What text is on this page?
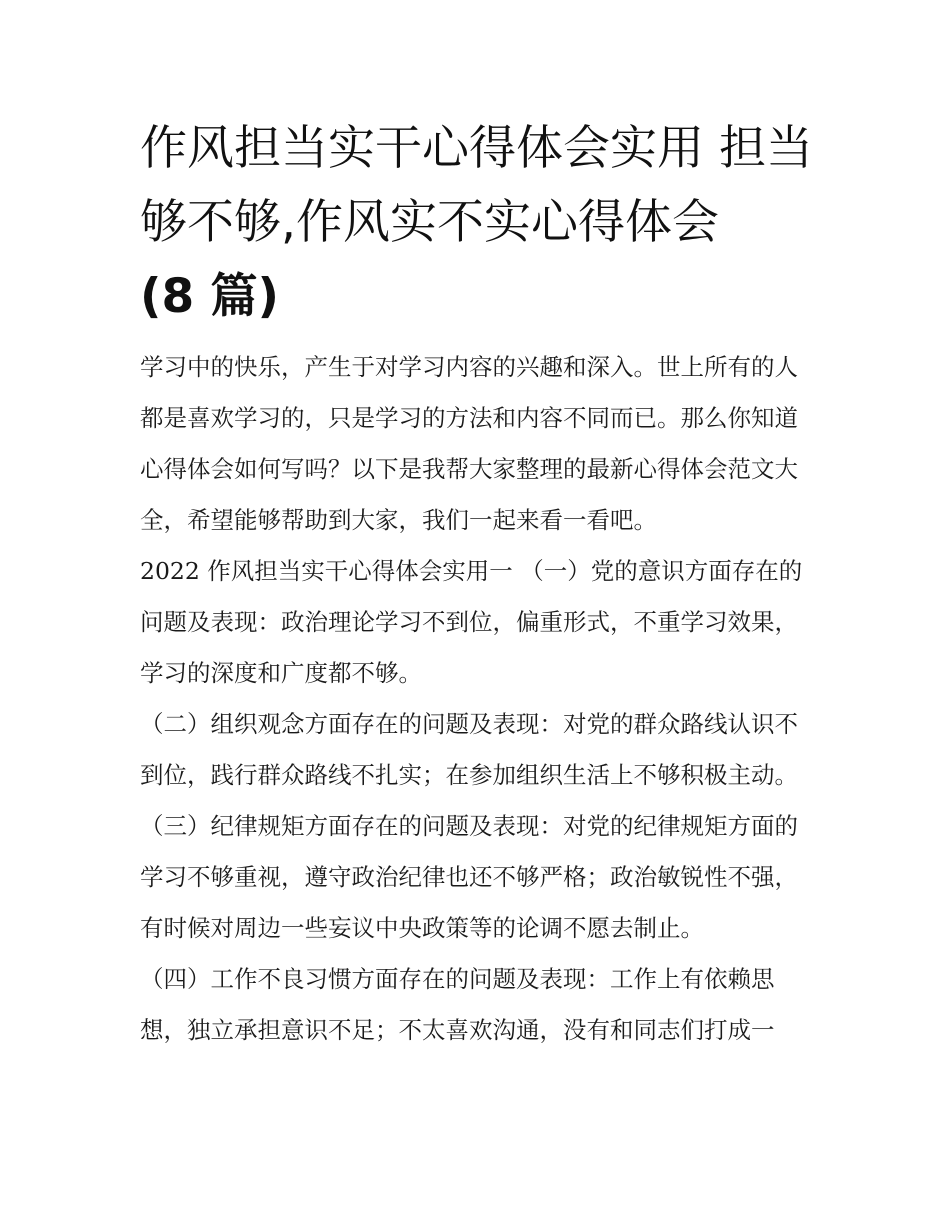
作风担当实干心得体会实用 担当够不够,作风实不实心得体会
(8 篇)

学习中的快乐，产生于对学习内容的兴趣和深入。世上所有的人都是喜欢学习的，只是学习的方法和内容不同而已。那么你知道心得体会如何写吗？以下是我帮大家整理的最新心得体会范文大全，希望能够帮助到大家，我们一起来看一看吧。

2022 作风担当实干心得体会实用一 （一）党的意识方面存在的问题及表现：政治理论学习不到位，偏重形式，不重学习效果，学习的深度和广度都不够。

（二）组织观念方面存在的问题及表现：对党的群众路线认识不到位，践行群众路线不扎实；在参加组织生活上不够积极主动。

（三）纪律规矩方面存在的问题及表现：对党的纪律规矩方面的学习不够重视，遵守政治纪律也还不够严格；政治敏锐性不强，有时候对周边一些妄议中央政策等的论调不愿去制止。

（四）工作不良习惯方面存在的问题及表现：工作上有依赖思想，独立承担意识不足；不太喜欢沟通，没有和同志们打成一
